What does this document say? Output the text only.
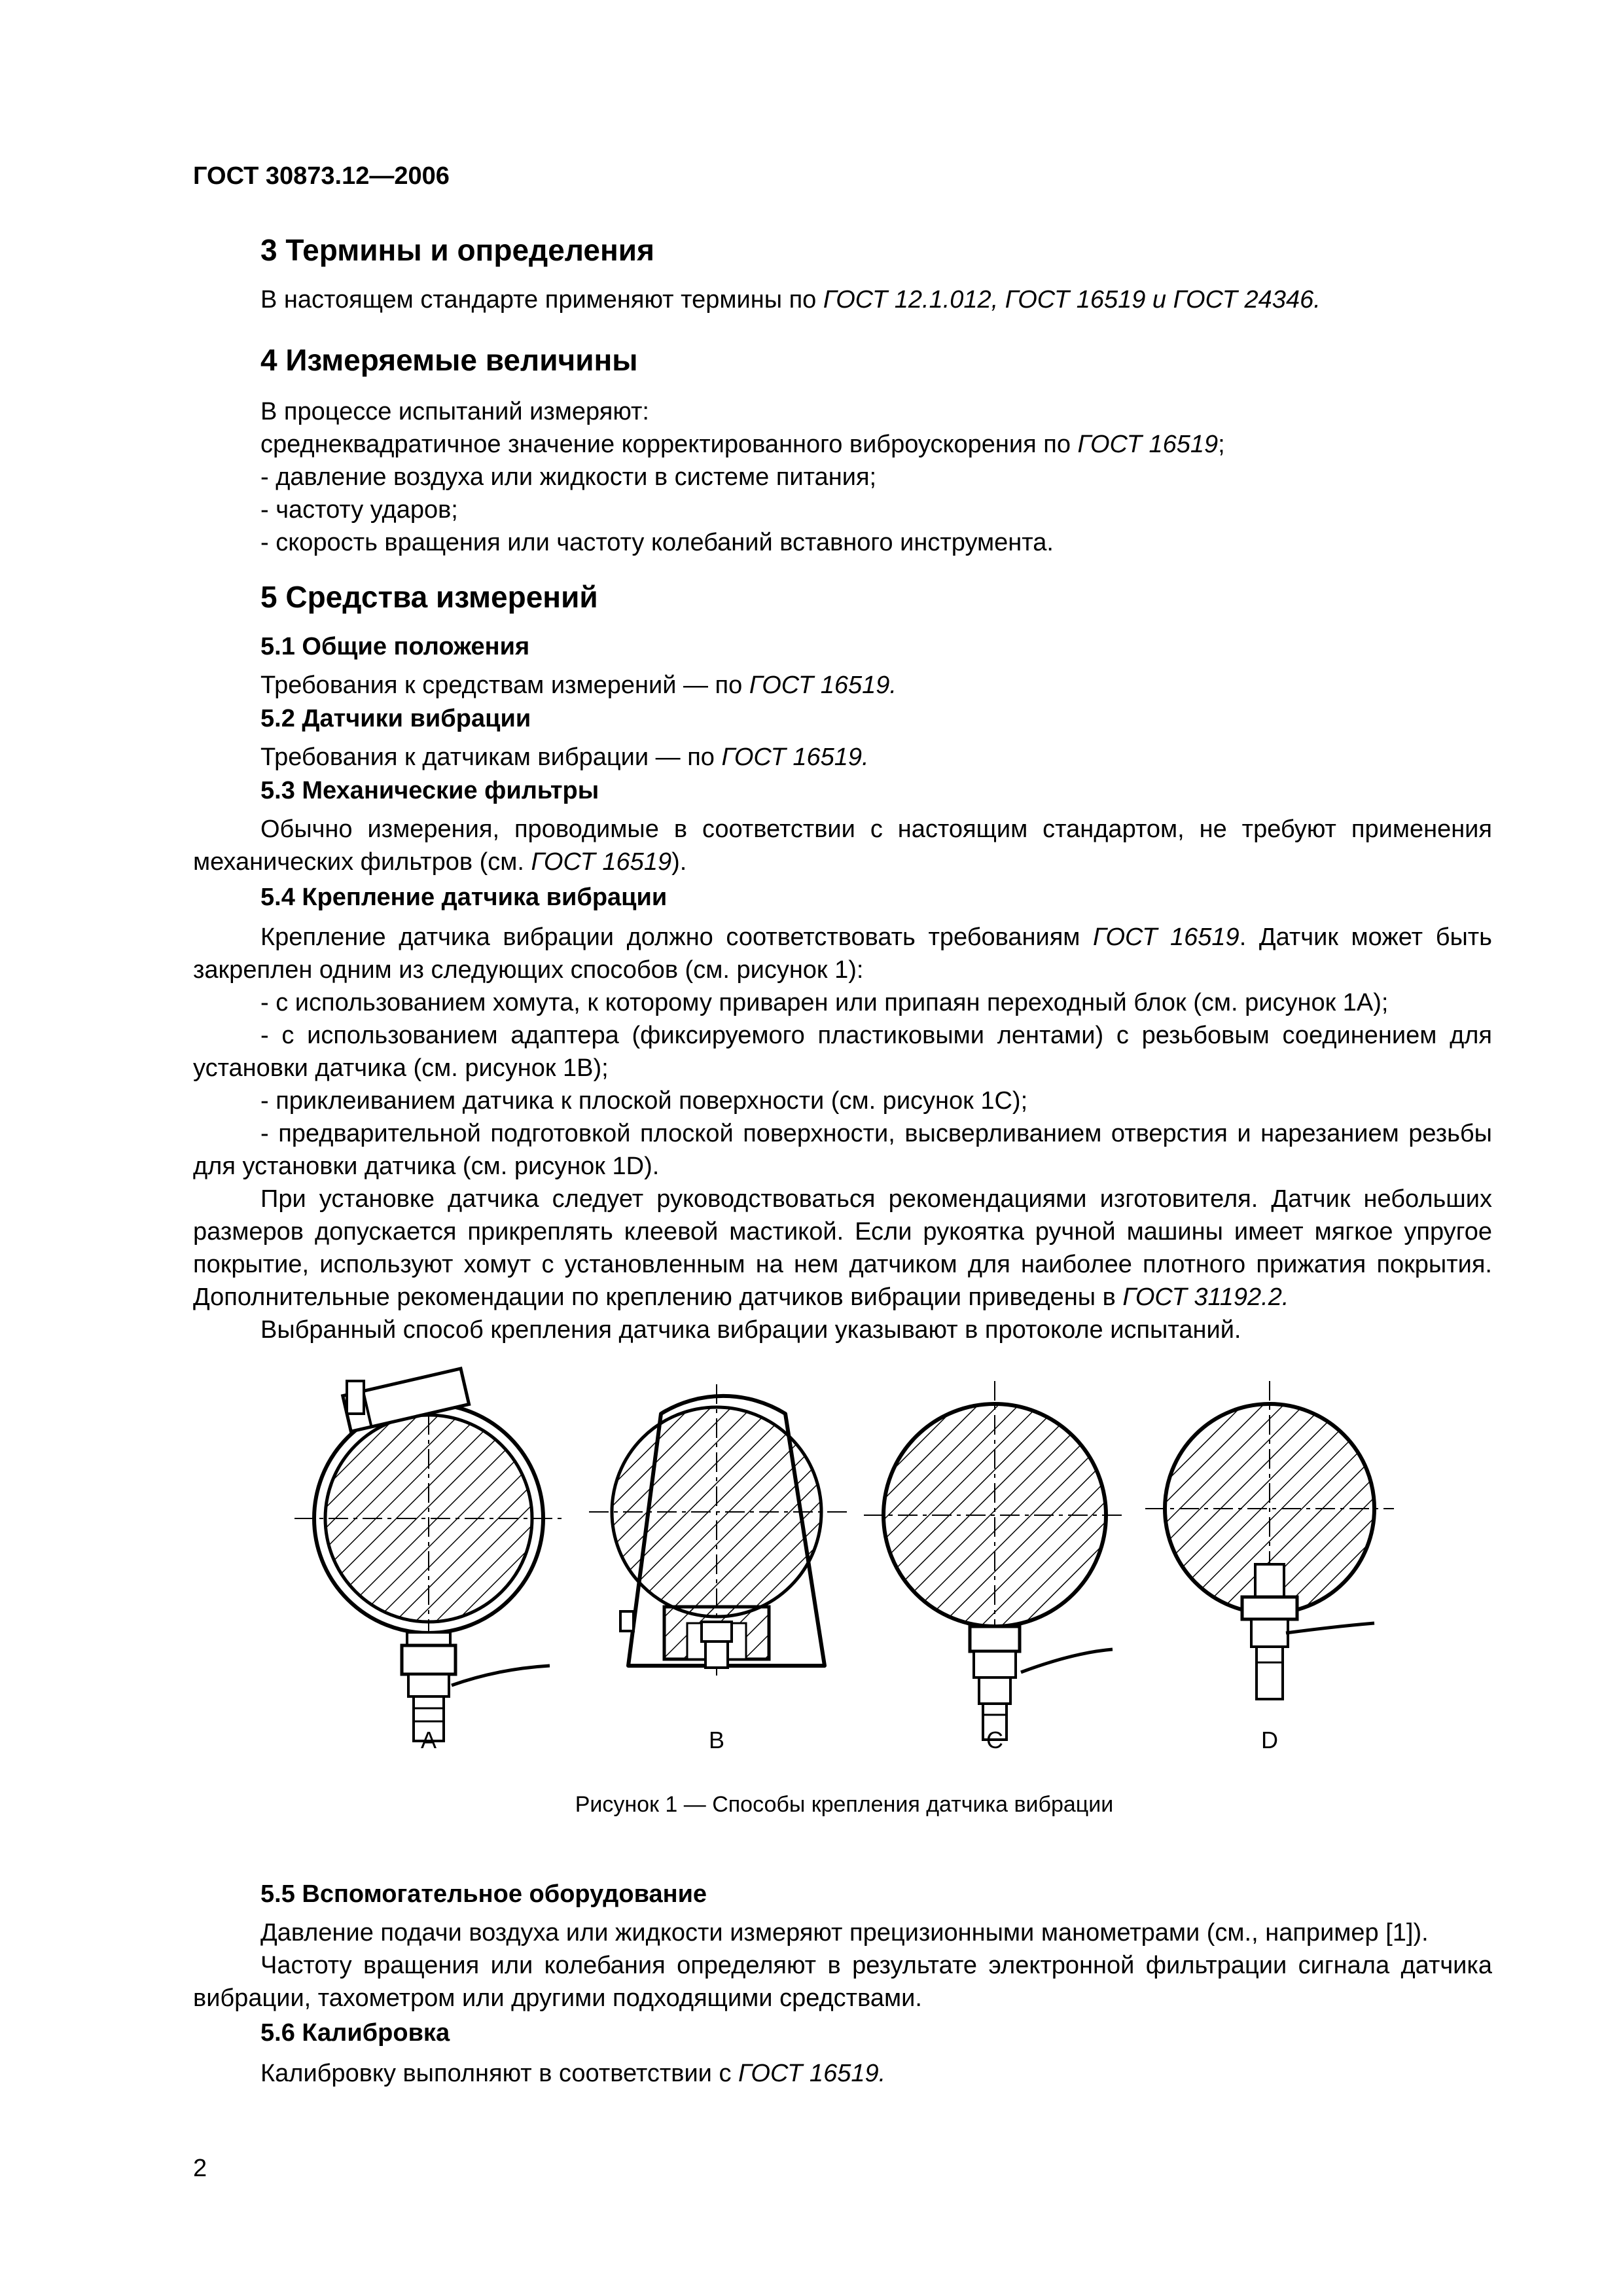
ГОСТ 30873.12—2006
3 Термины и определения
В настоящем стандарте применяют термины по ГОСТ 12.1.012, ГОСТ 16519 и ГОСТ 24346.
4 Измеряемые величины
В процессе испытаний измеряют:
среднеквадратичное значение корректированного виброускорения по ГОСТ 16519;
- давление воздуха или жидкости в системе питания;
- частоту ударов;
- скорость вращения или частоту колебаний вставного инструмента.
5 Средства измерений
5.1 Общие положения
Требования к средствам измерений — по ГОСТ 16519.
5.2 Датчики вибрации
Требования к датчикам вибрации — по ГОСТ 16519.
5.3 Механические фильтры
Обычно измерения, проводимые в соответствии с настоящим стандартом, не требуют применения механических фильтров (см. ГОСТ 16519).
5.4 Крепление датчика вибрации
Крепление датчика вибрации должно соответствовать требованиям ГОСТ 16519. Датчик может быть закреплен одним из следующих способов (см. рисунок 1):
- с использованием хомута, к которому приварен или припаян переходный блок (см. рисунок 1А);
- с использованием адаптера (фиксируемого пластиковыми лентами) с резьбовым соединением для установки датчика (см. рисунок 1В);
- приклеиванием датчика к плоской поверхности (см. рисунок 1С);
- предварительной подготовкой плоской поверхности, высверливанием отверстия и нарезанием резьбы для установки датчика (см. рисунок 1D).
При установке датчика следует руководствоваться рекомендациями изготовителя. Датчик небольших размеров допускается прикреплять клеевой мастикой. Если рукоятка ручной машины имеет мягкое упругое покрытие, используют хомут с установленным на нем датчиком для наиболее плотного прижатия покрытия. Дополнительные рекомендации по креплению датчиков вибрации приведены в ГОСТ 31192.2.
Выбранный способ крепления датчика вибрации указывают в протоколе испытаний.
A	B	C	D
Рисунок 1 — Способы крепления датчика вибрации
5.5 Вспомогательное оборудование
Давление подачи воздуха или жидкости измеряют прецизионными манометрами (см., например [1]).
Частоту вращения или колебания определяют в результате электронной фильтрации сигнала датчика вибрации, тахометром или другими подходящими средствами.
5.6 Калибровка
Калибровку выполняют в соответствии с ГОСТ 16519.
2
